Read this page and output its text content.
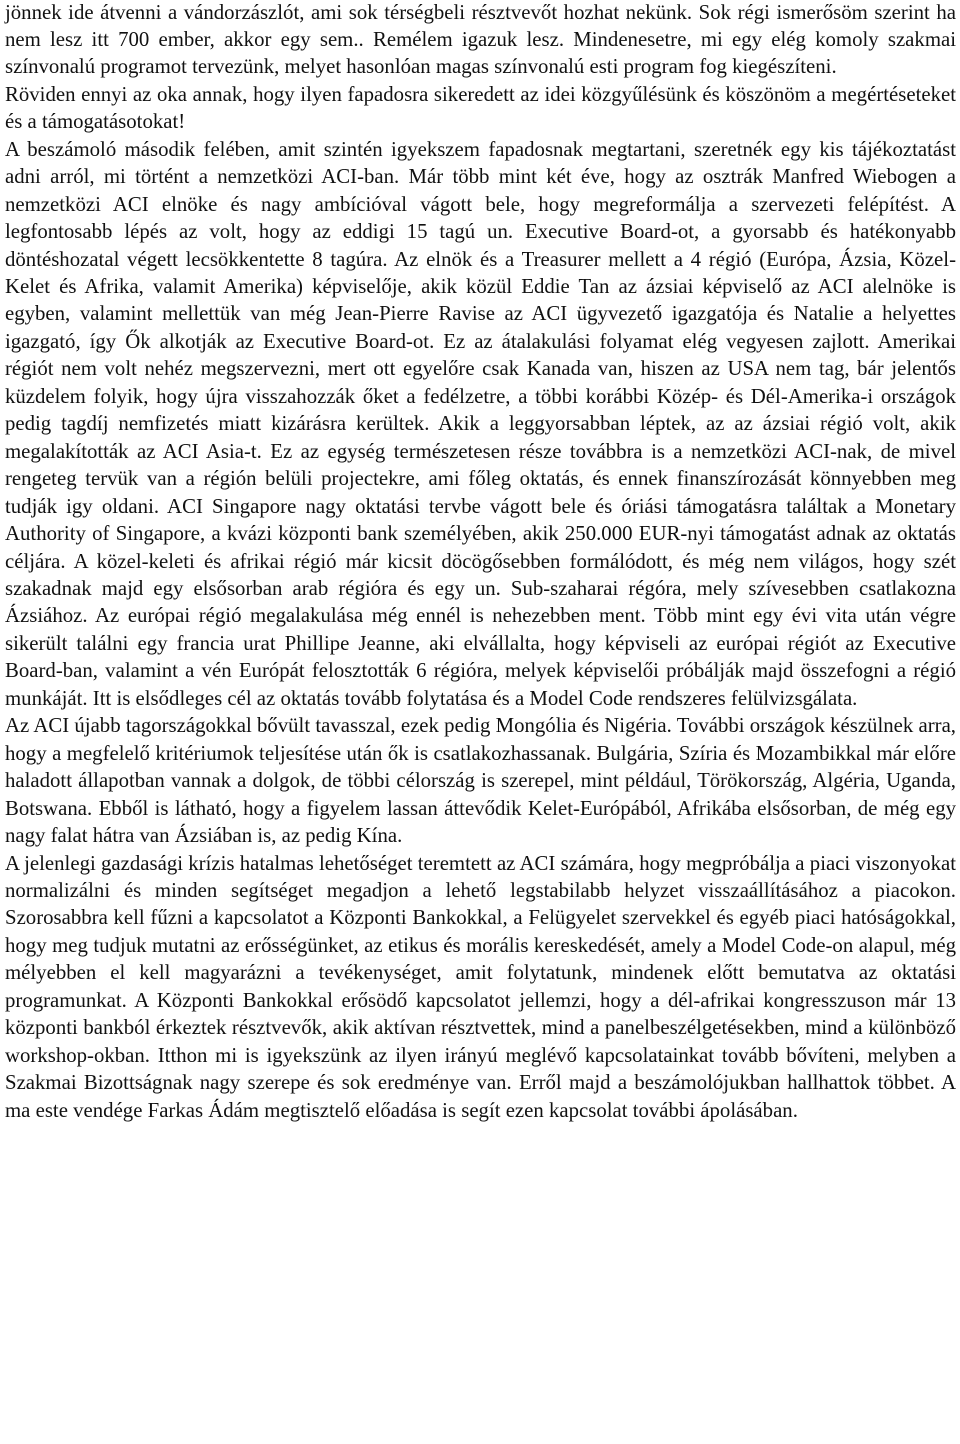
jönnek ide átvenni a vándorzászlót, ami sok térségbeli résztvevőt hozhat nekünk. Sok régi ismerősöm szerint ha nem lesz itt 700 ember, akkor egy sem.. Remélem igazuk lesz. Mindenesetre, mi egy elég komoly szakmai színvonalú programot tervezünk, melyet hasonlóan magas színvonalú esti program fog kiegészíteni.

Röviden ennyi az oka annak, hogy ilyen fapadosra sikeredett az idei közgyűlésünk és köszönöm a megértéseteket és a támogatásotokat!

A beszámoló második felében, amit szintén igyekszem fapadosnak megtartani, szeretnék egy kis tájékoztatást adni arról, mi történt a nemzetközi ACI-ban. Már több mint két éve, hogy az osztrák Manfred Wiebogen a nemzetközi ACI elnöke és nagy ambícióval vágott bele, hogy megreformálja a szervezeti felépítést. A legfontosabb lépés az volt, hogy az eddigi 15 tagú un. Executive Board-ot, a gyorsabb és hatékonyabb döntéshozatal végett lecsökkentette 8 tagúra. Az elnök és a Treasurer mellett a 4 régió (Európa, Ázsia, Közel-Kelet és Afrika, valamit Amerika) képviselője, akik közül Eddie Tan az ázsiai képviselő az ACI alelnöke is egyben, valamint mellettük van még Jean-Pierre Ravise az ACI ügyvezető igazgatója és Natalie a helyettes igazgató, így Ők alkotják az Executive Board-ot. Ez az átalakulási folyamat elég vegyesen zajlott. Amerikai régiót nem volt nehéz megszervezni, mert ott egyelőre csak Kanada van, hiszen az USA nem tag, bár jelentős küzdelem folyik, hogy újra visszahozzák őket a fedélzetre, a többi korábbi Közép- és Dél-Amerika-i országok pedig tagdíj nemfizetés miatt kizárásra kerültek. Akik a leggyorsabban léptek, az az ázsiai régió volt, akik megalakították az ACI Asia-t. Ez az egység természetesen része továbbra is a nemzetközi ACI-nak, de mivel rengeteg tervük van a régión belüli projectekre, ami főleg oktatás, és ennek finanszírozását könnyebben meg tudják igy oldani. ACI Singapore nagy oktatási tervbe vágott bele és óriási támogatásra találtak a Monetary Authority of Singapore, a kvázi központi bank személyében, akik 250.000 EUR-nyi támogatást adnak az oktatás céljára. A közel-keleti és afrikai régió már kicsit döcögősebben formálódott, és még nem világos, hogy szét szakadnak majd egy elsősorban arab régióra és egy un. Sub-szaharai régóra, mely szívesebben csatlakozna Ázsiához. Az európai régió megalakulása még ennél is nehezebben ment. Több mint egy évi vita után végre sikerült találni egy francia urat Phillipe Jeanne, aki elvállalta, hogy képviseli az európai régiót az Executive Board-ban, valamint a vén Európát felosztották 6 régióra, melyek képviselői próbálják majd összefogni a régió munkáját. Itt is elsődleges cél az oktatás tovább folytatása és a Model Code rendszeres felülvizsgálata.

Az ACI újabb tagországokkal bővült tavasszal, ezek pedig Mongólia és Nigéria. További országok készülnek arra, hogy a megfelelő kritériumok teljesítése után ők is csatlakozhassanak. Bulgária, Szíria és Mozambikkal már előre haladott állapotban vannak a dolgok, de többi célország is szerepel, mint például, Törökország, Algéria, Uganda, Botswana. Ebből is látható, hogy a figyelem lassan áttevődik Kelet-Európából, Afrikába elsősorban, de még egy nagy falat hátra van Ázsiában is, az pedig Kína.

A jelenlegi gazdasági krízis hatalmas lehetőséget teremtett az ACI számára, hogy megpróbálja a piaci viszonyokat normalizálni és minden segítséget megadjon a lehető legstabilabb helyzet visszaállításához a piacokon. Szorosabbra kell fűzni a kapcsolatot a Központi Bankokkal, a Felügyelet szervekkel és egyéb piaci hatóságokkal, hogy meg tudjuk mutatni az erősségünket, az etikus és morális kereskedését, amely a Model Code-on alapul, még mélyebben el kell magyarázni a tevékenységet, amit folytatunk, mindenek előtt bemutatva az oktatási programunkat. A Központi Bankokkal erősödő kapcsolatot jellemzi, hogy a dél-afrikai kongresszuson már 13 központi bankból érkeztek résztvevők, akik aktívan résztvettek, mind a panelbeszélgetésekben, mind a különböző workshop-okban. Itthon mi is igyekszünk az ilyen irányú meglévő kapcsolatainkat tovább bővíteni, melyben a Szakmai Bizottságnak nagy szerepe és sok eredménye van. Erről majd a beszámolójukban hallhattok többet. A ma este vendége Farkas Ádám megtisztelő előadása is segít ezen kapcsolat további ápolásában.
